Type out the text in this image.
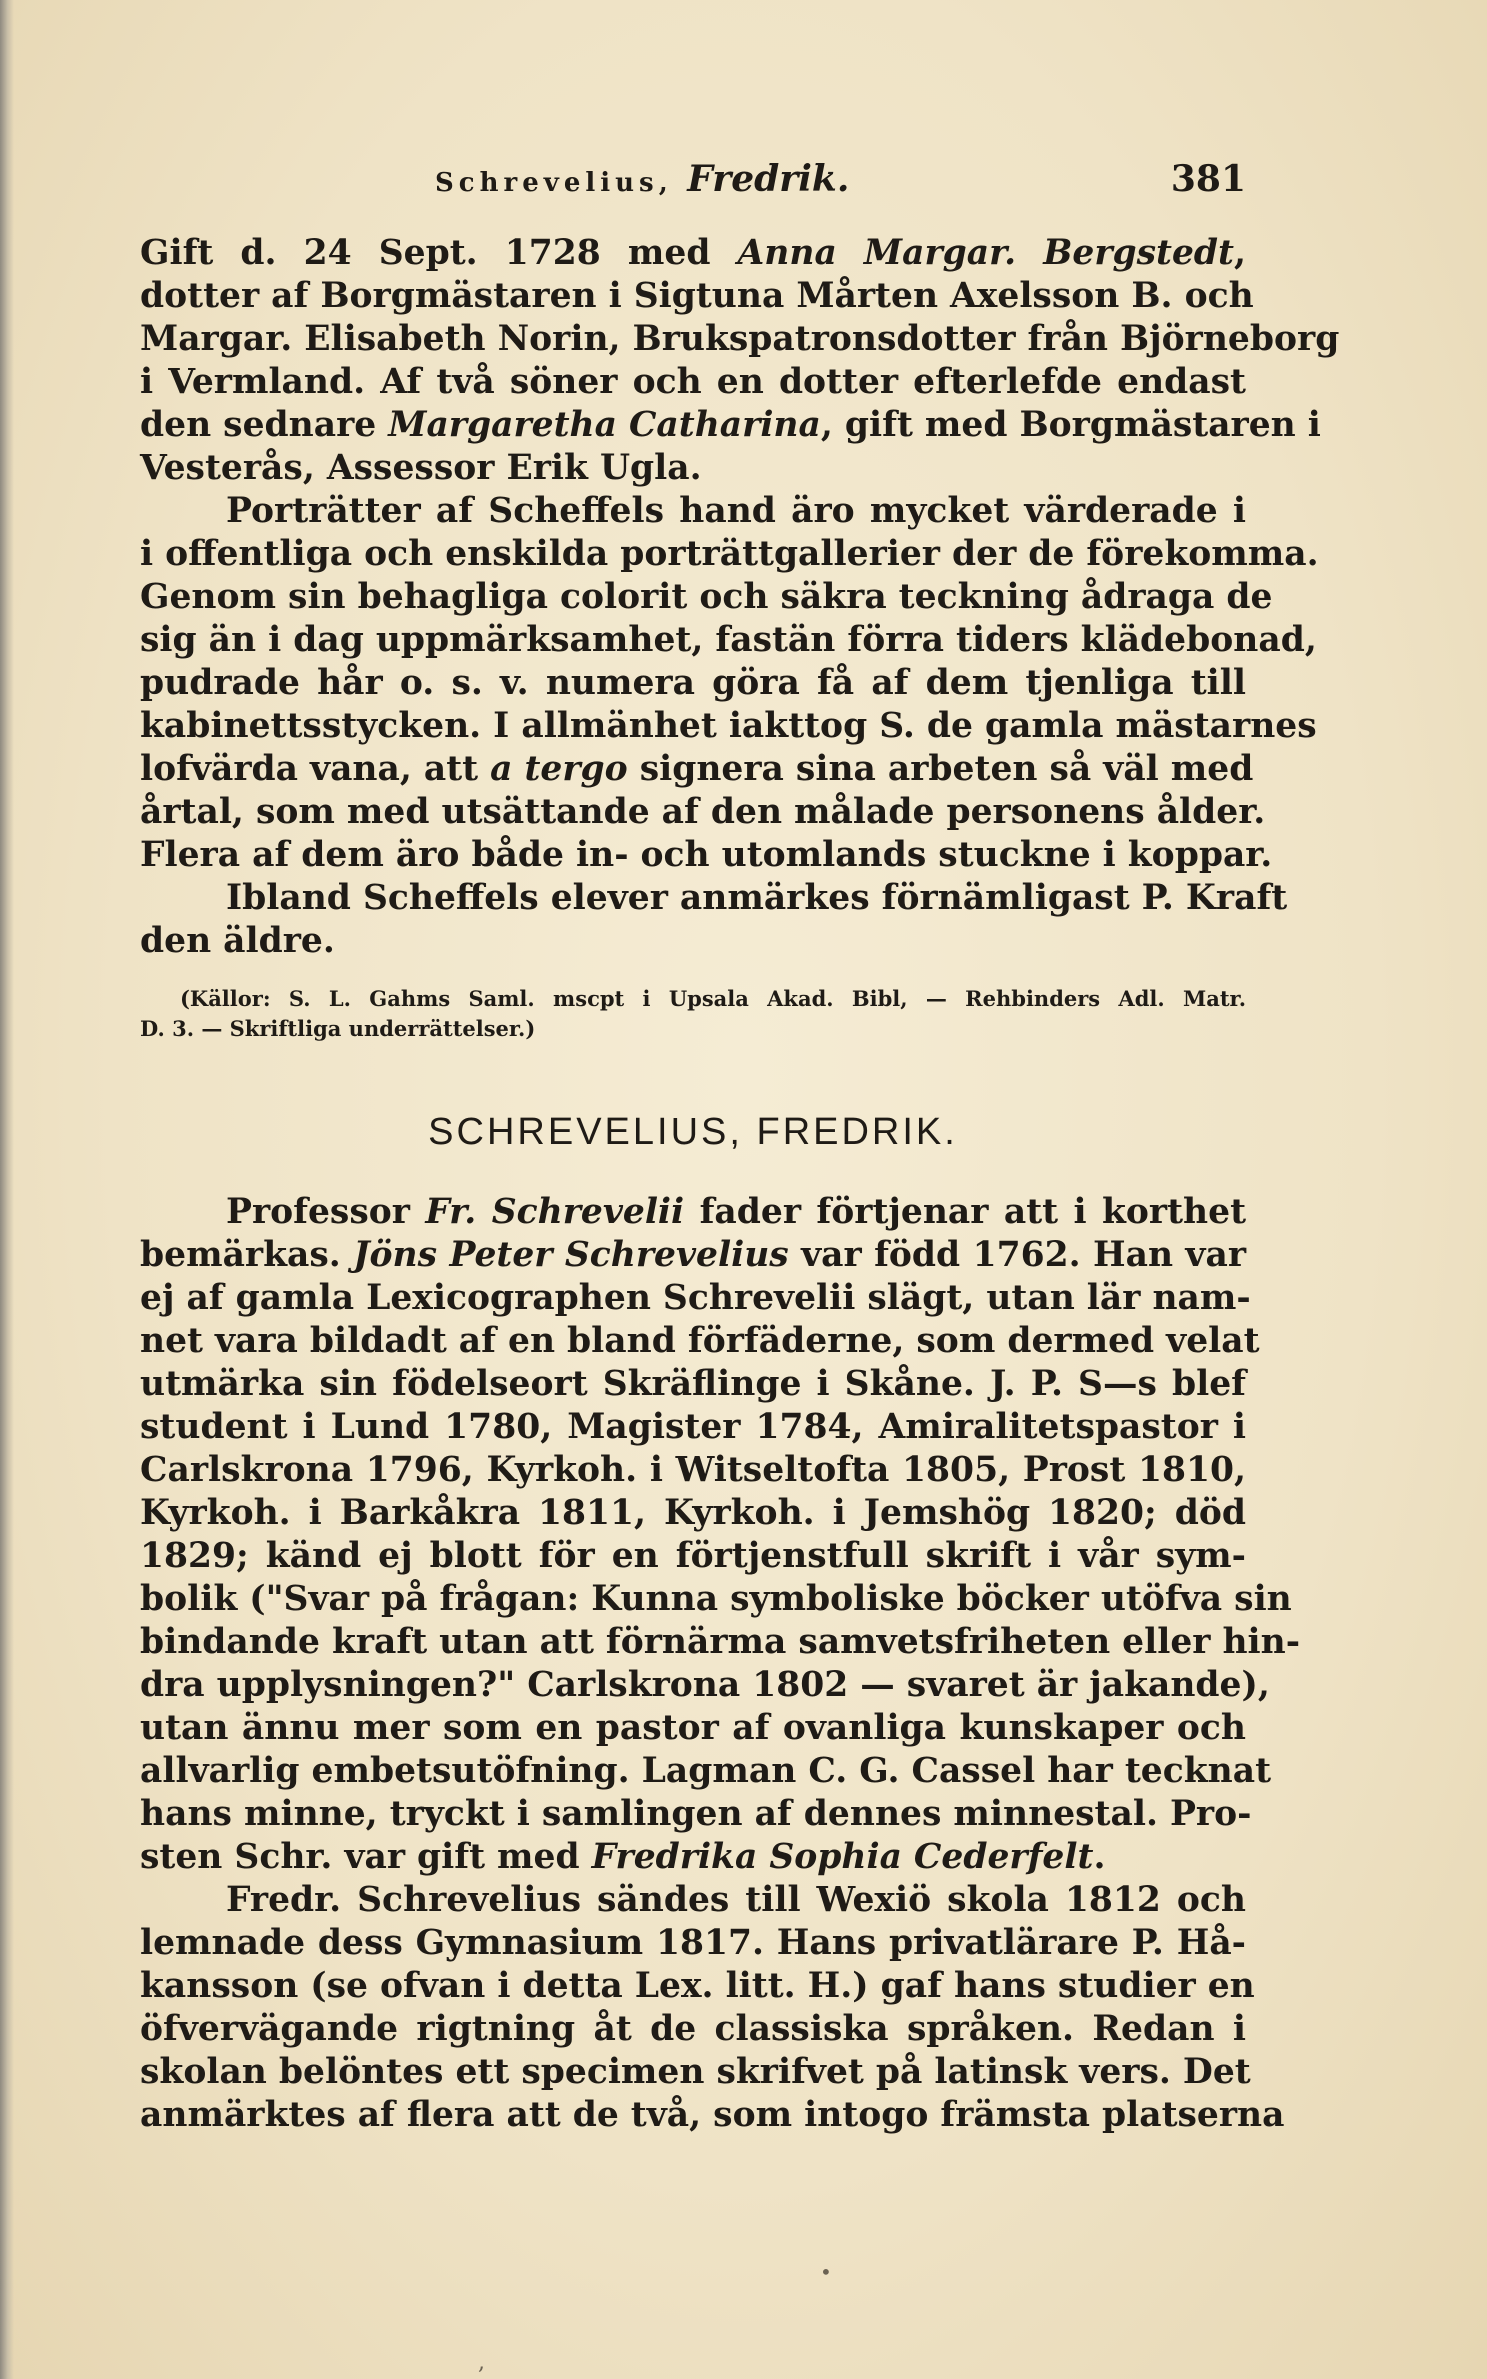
Schrevelius, Fredrik.	381
Gift d. 24 Sept. 1728 med Anna Margar. Bergstedt,
dotter af Borgmästaren i Sigtuna Mårten Axelsson B. och
Margar. Elisabeth Norin, Brukspatronsdotter från Björneborg
i Vermland. Af två söner och en dotter efterlefde endast
den sednare Margaretha Catharina, gift med Borgmästaren i
Vesterås, Assessor Erik Ugla.
Porträtter af Scheffels hand äro mycket värderade i
i offentliga och enskilda porträttgallerier der de förekomma.
Genom sin behagliga colorit och säkra teckning ådraga de
sig än i dag uppmärksamhet, fastän förra tiders klädebonad,
pudrade hår o. s. v. numera göra få af dem tjenliga till
kabinettsstycken. I allmänhet iakttog S. de gamla mästarnes
lofvärda vana, att a tergo signera sina arbeten så väl med
årtal, som med utsättande af den målade personens ålder.
Flera af dem äro både in- och utomlands stuckne i koppar.
Ibland Scheffels elever anmärkes förnämligast P. Kraft
den äldre.
(Källor: S. L. Gahms Saml. mscpt i Upsala Akad. Bibl, — Rehbinders Adl. Matr.
D. 3. — Skriftliga underrättelser.)
SCHREVELIUS, FREDRIK.
Professor Fr. Schrevelii fader förtjenar att i korthet
bemärkas. Jöns Peter Schrevelius var född 1762. Han var
ej af gamla Lexicographen Schrevelii slägt, utan lär nam-
net vara bildadt af en bland förfäderne, som dermed velat
utmärka sin födelseort Skräflinge i Skåne. J. P. S—s blef
student i Lund 1780, Magister 1784, Amiralitetspastor i
Carlskrona 1796, Kyrkoh. i Witseltofta 1805, Prost 1810,
Kyrkoh. i Barkåkra 1811, Kyrkoh. i Jemshög 1820; död
1829; känd ej blott för en förtjenstfull skrift i vår sym-
bolik ("Svar på frågan: Kunna symboliske böcker utöfva sin
bindande kraft utan att förnärma samvetsfriheten eller hin-
dra upplysningen?" Carlskrona 1802 — svaret är jakande),
utan ännu mer som en pastor af ovanliga kunskaper och
allvarlig embetsutöfning. Lagman C. G. Cassel har tecknat
hans minne, tryckt i samlingen af dennes minnestal. Pro-
sten Schr. var gift med Fredrika Sophia Cederfelt.
Fredr. Schrevelius sändes till Wexiö skola 1812 och
lemnade dess Gymnasium 1817. Hans privatlärare P. Hå-
kansson (se ofvan i detta Lex. litt. H.) gaf hans studier en
öfvervägande rigtning åt de classiska språken. Redan i
skolan belöntes ett specimen skrifvet på latinsk vers. Det
anmärktes af flera att de två, som intogo främsta platserna
•
,
